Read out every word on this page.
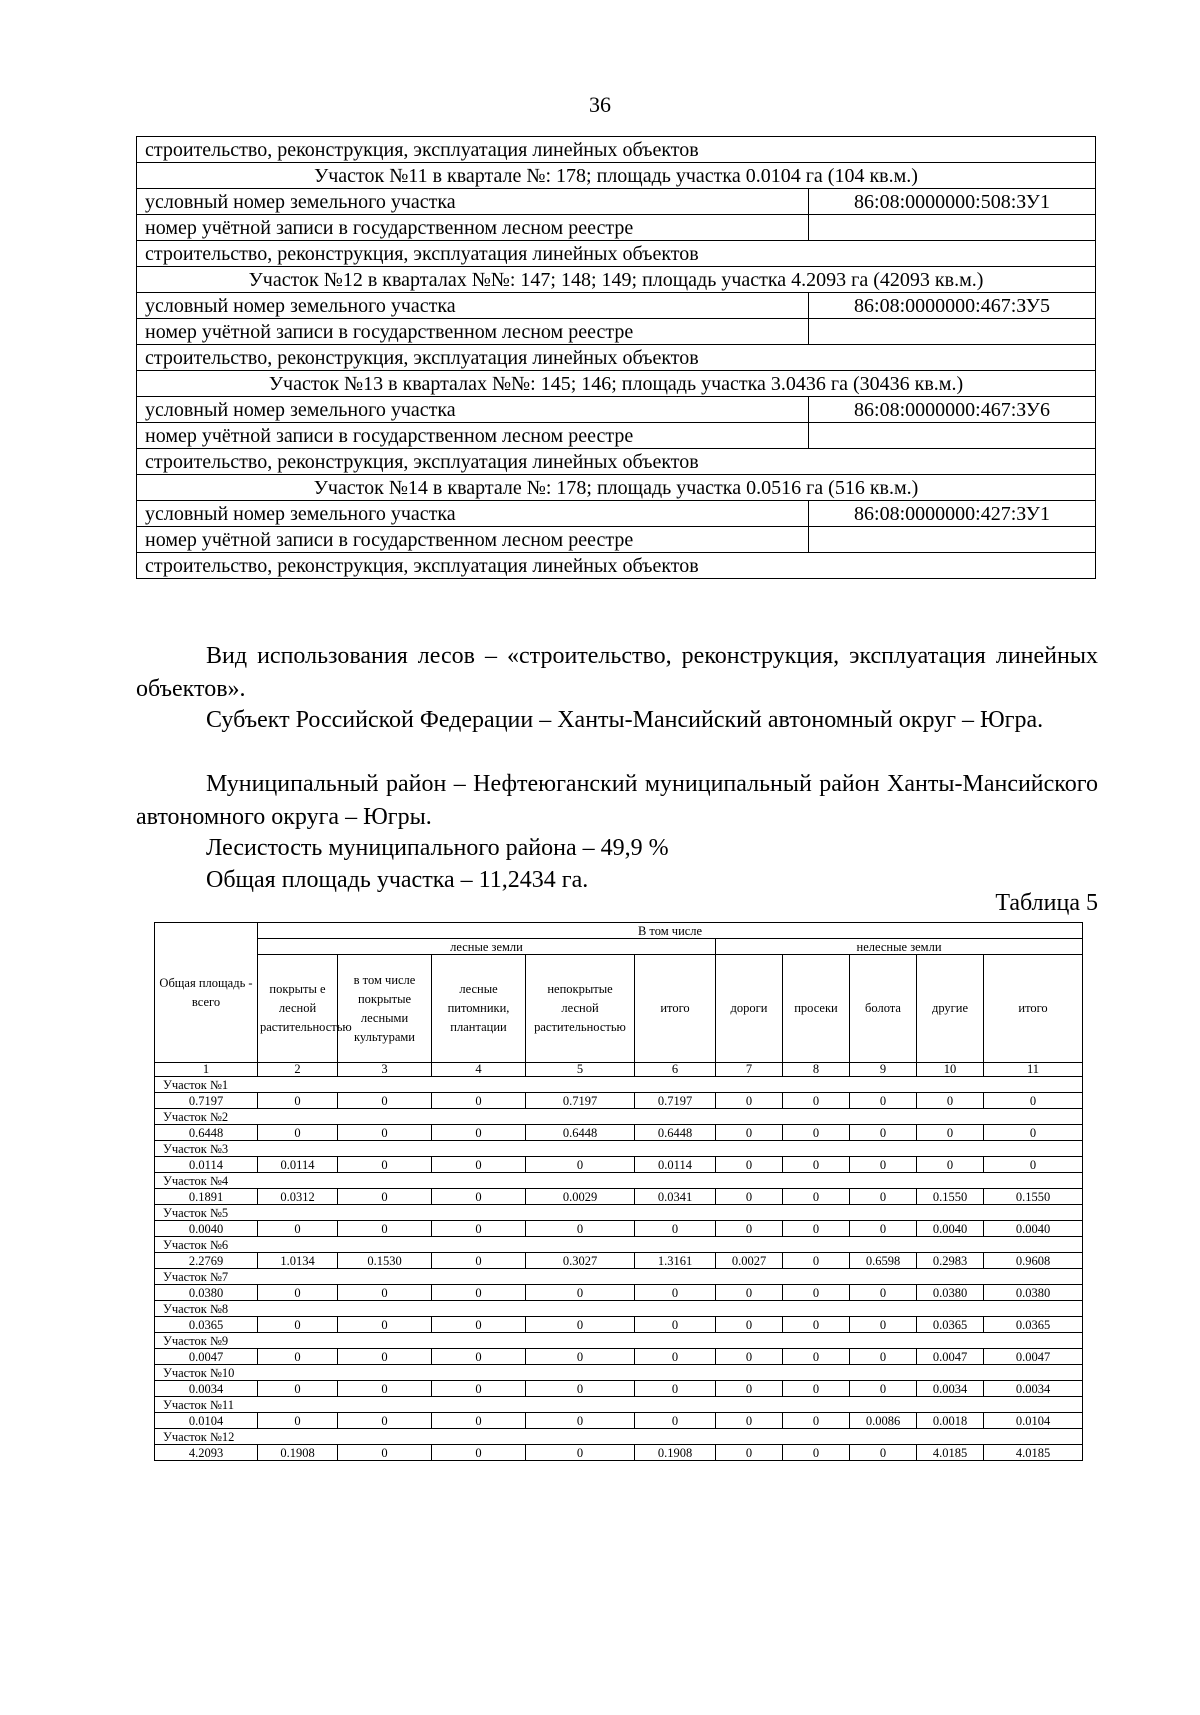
36
строительство, реконструкция, эксплуатация линейных объектов	
Участок №11 в квартале №: 178; площадь участка 0.0104 га (104 кв.м.)	
условный номер земельного участка	86:08:0000000:508:ЗУ1
номер учётной записи в государственном лесном реестре	
строительство, реконструкция, эксплуатация линейных объектов	
Участок №12 в кварталах №№: 147; 148; 149; площадь участка 4.2093 га (42093 кв.м.)	
условный номер земельного участка	86:08:0000000:467:ЗУ5
номер учётной записи в государственном лесном реестре	
строительство, реконструкция, эксплуатация линейных объектов	
Участок №13 в кварталах №№: 145; 146; площадь участка 3.0436 га (30436 кв.м.)	
условный номер земельного участка	86:08:0000000:467:ЗУ6
номер учётной записи в государственном лесном реестре	
строительство, реконструкция, эксплуатация линейных объектов	
Участок №14 в квартале №: 178; площадь участка 0.0516 га (516 кв.м.)	
условный номер земельного участка	86:08:0000000:427:ЗУ1
номер учётной записи в государственном лесном реестре	
строительство, реконструкция, эксплуатация линейных объектов	

Вид использования лесов – «строительство, реконструкция, эксплуатация линейных объектов».

Субъект Российской Федерации – Ханты-Мансийский автономный округ – Югра.

Муниципальный район – Нефтеюганский муниципальный район Ханты-Мансийского автономного округа – Югры.

Лесистость муниципального района – 49,9 %

Общая площадь участка – 11,2434 га.

Таблица 5
Общая площадь - всего	В том числе									
	лесные земли					нелесные земли				
	покрыты е лесной растительностью	в том числе покрытые лесными культурами	лесные питомники, плантации	непокрытые лесной растительностью	итого	дороги	просеки	болота	другие	итого
1	2	3	4	5	6	7	8	9	10	11
Участок №1										
0.7197	0	0	0	0.7197	0.7197	0	0	0	0	0
Участок №2										
0.6448	0	0	0	0.6448	0.6448	0	0	0	0	0
Участок №3										
0.0114	0.0114	0	0	0	0.0114	0	0	0	0	0
Участок №4										
0.1891	0.0312	0	0	0.0029	0.0341	0	0	0	0.1550	0.1550
Участок №5										
0.0040	0	0	0	0	0	0	0	0	0.0040	0.0040
Участок №6										
2.2769	1.0134	0.1530	0	0.3027	1.3161	0.0027	0	0.6598	0.2983	0.9608
Участок №7										
0.0380	0	0	0	0	0	0	0	0	0.0380	0.0380
Участок №8										
0.0365	0	0	0	0	0	0	0	0	0.0365	0.0365
Участок №9										
0.0047	0	0	0	0	0	0	0	0	0.0047	0.0047
Участок №10										
0.0034	0	0	0	0	0	0	0	0	0.0034	0.0034
Участок №11										
0.0104	0	0	0	0	0	0	0	0.0086	0.0018	0.0104
Участок №12										
4.2093	0.1908	0	0	0	0.1908	0	0	0	4.0185	4.0185
